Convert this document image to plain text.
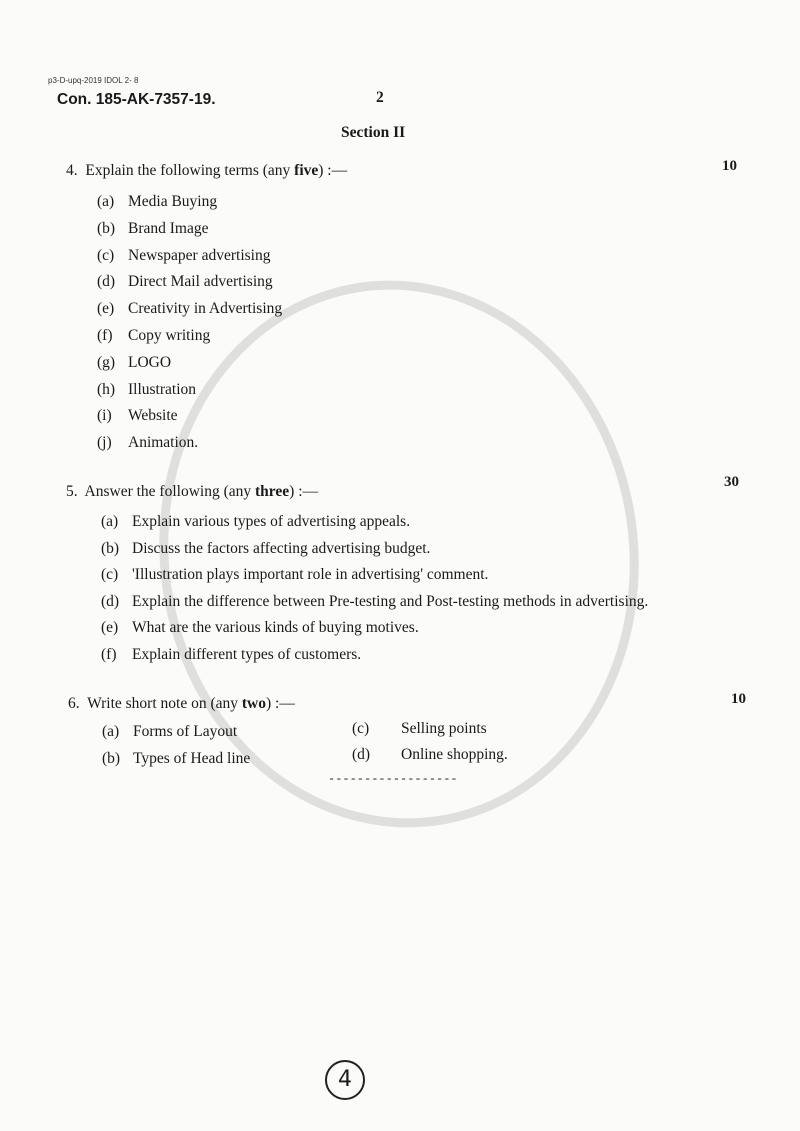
p3-D-upq-2019 IDOL 2- 8
Con. 185-AK-7357-19.	2
Section II
4. Explain the following terms (any five) :—	10
(a) Media Buying
(b) Brand Image
(c) Newspaper advertising
(d) Direct Mail advertising
(e) Creativity in Advertising
(f) Copy writing
(g) LOGO
(h) Illustration
(i) Website
(j) Animation.
5. Answer the following (any three) :—
30
(a) Explain various types of advertising appeals.
(b) Discuss the factors affecting advertising budget.
(c) 'Illustration plays important role in advertising' comment.
(d) Explain the difference between Pre-testing and Post-testing methods in advertising.
(e) What are the various kinds of buying motives.
(f) Explain different types of customers.
6. Write short note on (any two) :—	10
(a) Forms of Layout
(b) Types of Head line
(c) Selling points
(d) Online shopping.
------------------
4
